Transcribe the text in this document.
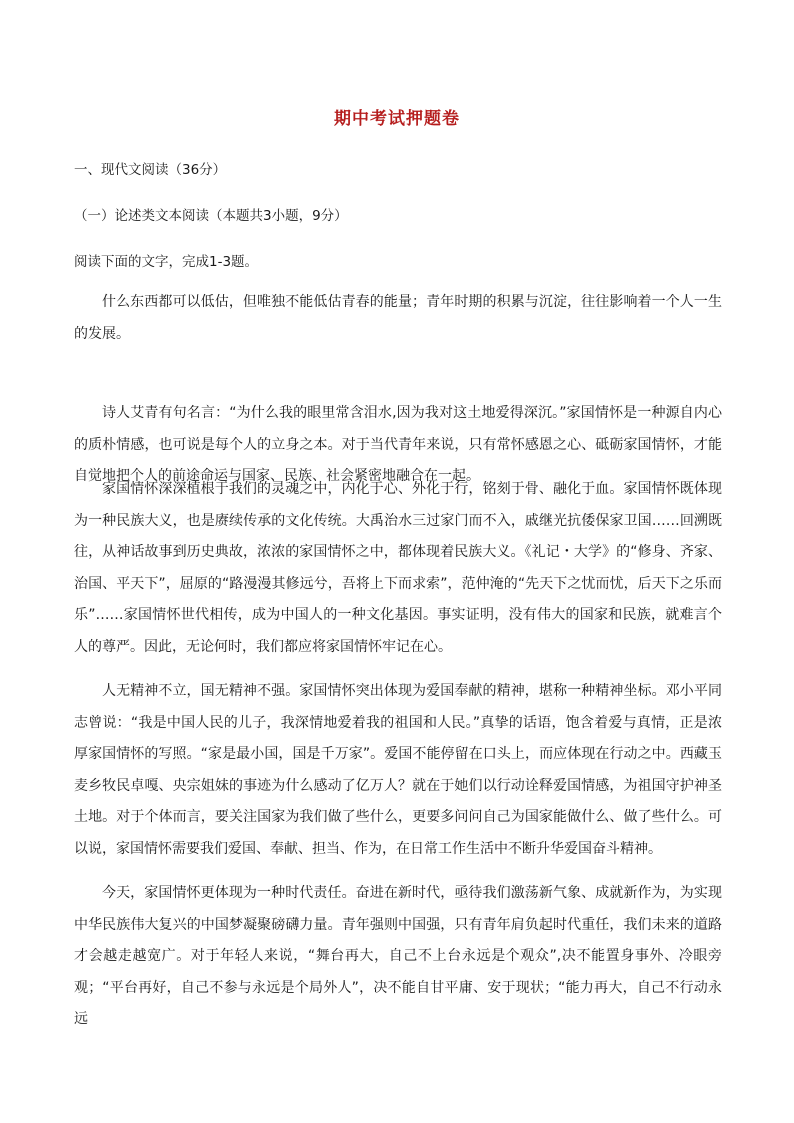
期中考试押题卷

一、现代文阅读（36分）

（一）论述类文本阅读（本题共3小题，9分）

阅读下面的文字，完成1-3题。

什么东西都可以低估，但唯独不能低估青春的能量；青年时期的积累与沉淀，往往影响着一个人一生的发展。

诗人艾青有句名言：“为什么我的眼里常含泪水,因为我对这土地爱得深沉。”家国情怀是一种源自内心的质朴情感，也可说是每个人的立身之本。对于当代青年来说，只有常怀感恩之心、砥砺家国情怀，才能自觉地把个人的前途命运与国家、民族、社会紧密地融合在一起。

家国情怀深深植根于我们的灵魂之中，内化于心、外化于行，铭刻于骨、融化于血。家国情怀既体现为一种民族大义，也是赓续传承的文化传统。大禹治水三过家门而不入，戚继光抗倭保家卫国……回溯既往，从神话故事到历史典故，浓浓的家国情怀之中，都体现着民族大义。《礼记・大学》的“修身、齐家、治国、平天下”，屈原的“路漫漫其修远兮，吾将上下而求索”，范仲淹的“先天下之忧而忧，后天下之乐而乐”……家国情怀世代相传，成为中国人的一种文化基因。事实证明，没有伟大的国家和民族，就难言个人的尊严。因此，无论何时，我们都应将家国情怀牢记在心。

人无精神不立，国无精神不强。家国情怀突出体现为爱国奉献的精神，堪称一种精神坐标。邓小平同志曾说：“我是中国人民的儿子，我深情地爱着我的祖国和人民。”真挚的话语，饱含着爱与真情，正是浓厚家国情怀的写照。“家是最小国，国是千万家”。爱国不能停留在口头上，而应体现在行动之中。西藏玉麦乡牧民卓嘎、央宗姐妹的事迹为什么感动了亿万人？就在于她们以行动诠释爱国情感，为祖国守护神圣土地。对于个体而言，要关注国家为我们做了些什么，更要多问问自己为国家能做什么、做了些什么。可以说，家国情怀需要我们爱国、奉献、担当、作为，在日常工作生活中不断升华爱国奋斗精神。

今天，家国情怀更体现为一种时代责任。奋进在新时代，亟待我们激荡新气象、成就新作为，为实现中华民族伟大复兴的中国梦凝聚磅礴力量。青年强则中国强，只有青年肩负起时代重任，我们未来的道路才会越走越宽广。对于年轻人来说，“舞台再大，自己不上台永远是个观众”,决不能置身事外、冷眼旁观；“平台再好，自己不参与永远是个局外人”，决不能自甘平庸、安于现状；“能力再大，自己不行动永远
